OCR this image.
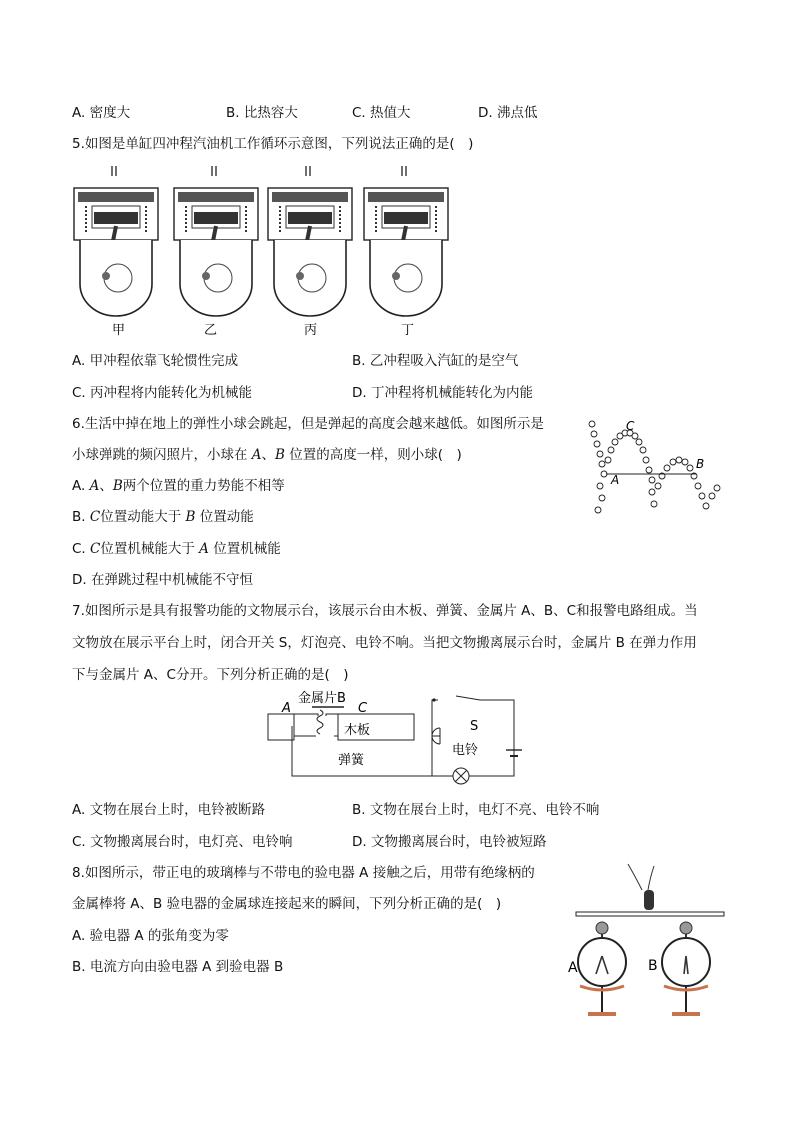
A. 密度大	B. 比热容大	C. 热值大	D. 沸点低
5.如图是单缸四冲程汽油机工作循环示意图，下列说法正确的是(　)
甲	乙	丙	丁
A. 甲冲程依靠飞轮惯性完成	B. 乙冲程吸入汽缸的是空气
C. 丙冲程将内能转化为机械能	D. 丁冲程将机械能转化为内能
6.生活中掉在地上的弹性小球会跳起，但是弹起的高度会越来越低。如图所示是
小球弹跳的频闪照片，小球在 A、B 位置的高度一样，则小球(　)
A. A、B两个位置的重力势能不相等
B. C位置动能大于 B 位置动能
C. C位置机械能大于 A 位置机械能
D. 在弹跳过程中机械能不守恒
C
A
B
7.如图所示是具有报警功能的文物展示台，该展示台由木板、弹簧、金属片 A、B、C和报警电路组成。当
文物放在展示平台上时，闭合开关 S，灯泡亮、电铃不响。当把文物搬离展示台时，金属片 B 在弹力作用
下与金属片 A、C分开。下列分析正确的是(　)
金属片B
A	C
木板
弹簧
S
电铃
A. 文物在展台上时，电铃被断路	B. 文物在展台上时，电灯不亮、电铃不响
C. 文物搬离展台时，电灯亮、电铃响	D. 文物搬离展台时，电铃被短路
8.如图所示，带正电的玻璃棒与不带电的验电器 A 接触之后，用带有绝缘柄的
金属棒将 A、B 验电器的金属球连接起来的瞬间，下列分析正确的是(　)
A. 验电器 A 的张角变为零
B. 电流方向由验电器 A 到验电器 B	A	B
